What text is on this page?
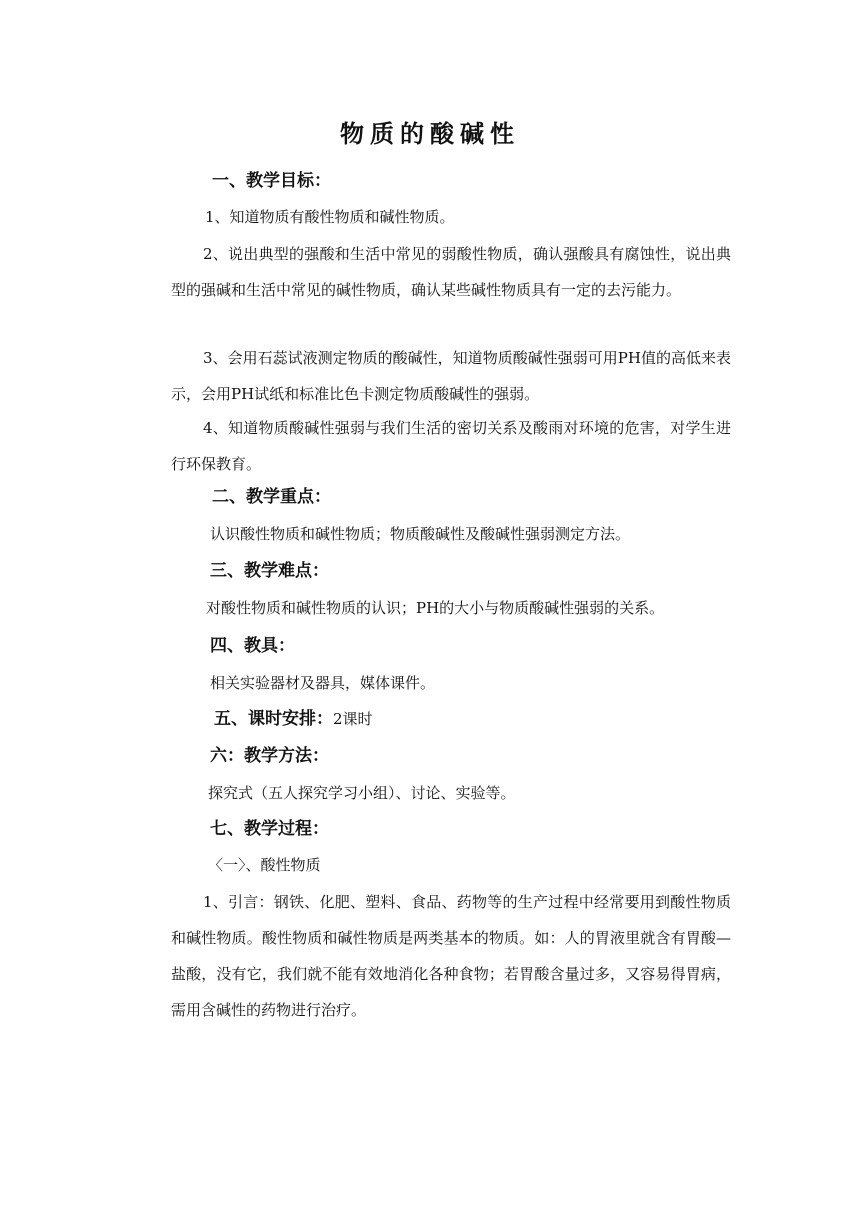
物质的酸碱性
一、教学目标：
1、知道物质有酸性物质和碱性物质。
2、说出典型的强酸和生活中常见的弱酸性物质，确认强酸具有腐蚀性，说出典型的强碱和生活中常见的碱性物质，确认某些碱性物质具有一定的去污能力。
3、会用石蕊试液测定物质的酸碱性，知道物质酸碱性强弱可用PH值的高低来表示，会用PH试纸和标准比色卡测定物质酸碱性的强弱。
4、知道物质酸碱性强弱与我们生活的密切关系及酸雨对环境的危害，对学生进行环保教育。
二、教学重点：
认识酸性物质和碱性物质；物质酸碱性及酸碱性强弱测定方法。
三、教学难点：
对酸性物质和碱性物质的认识；PH的大小与物质酸碱性强弱的关系。
四、教具：
相关实验器材及器具，媒体课件。
五、课时安排：2课时
六：教学方法：
探究式（五人探究学习小组）、讨论、实验等。
七、教学过程：
〈一〉、酸性物质
1、引言：钢铁、化肥、塑料、食品、药物等的生产过程中经常要用到酸性物质和碱性物质。酸性物质和碱性物质是两类基本的物质。如：人的胃液里就含有胃酸—盐酸，没有它，我们就不能有效地消化各种食物；若胃酸含量过多，又容易得胃病，需用含碱性的药物进行治疗。
